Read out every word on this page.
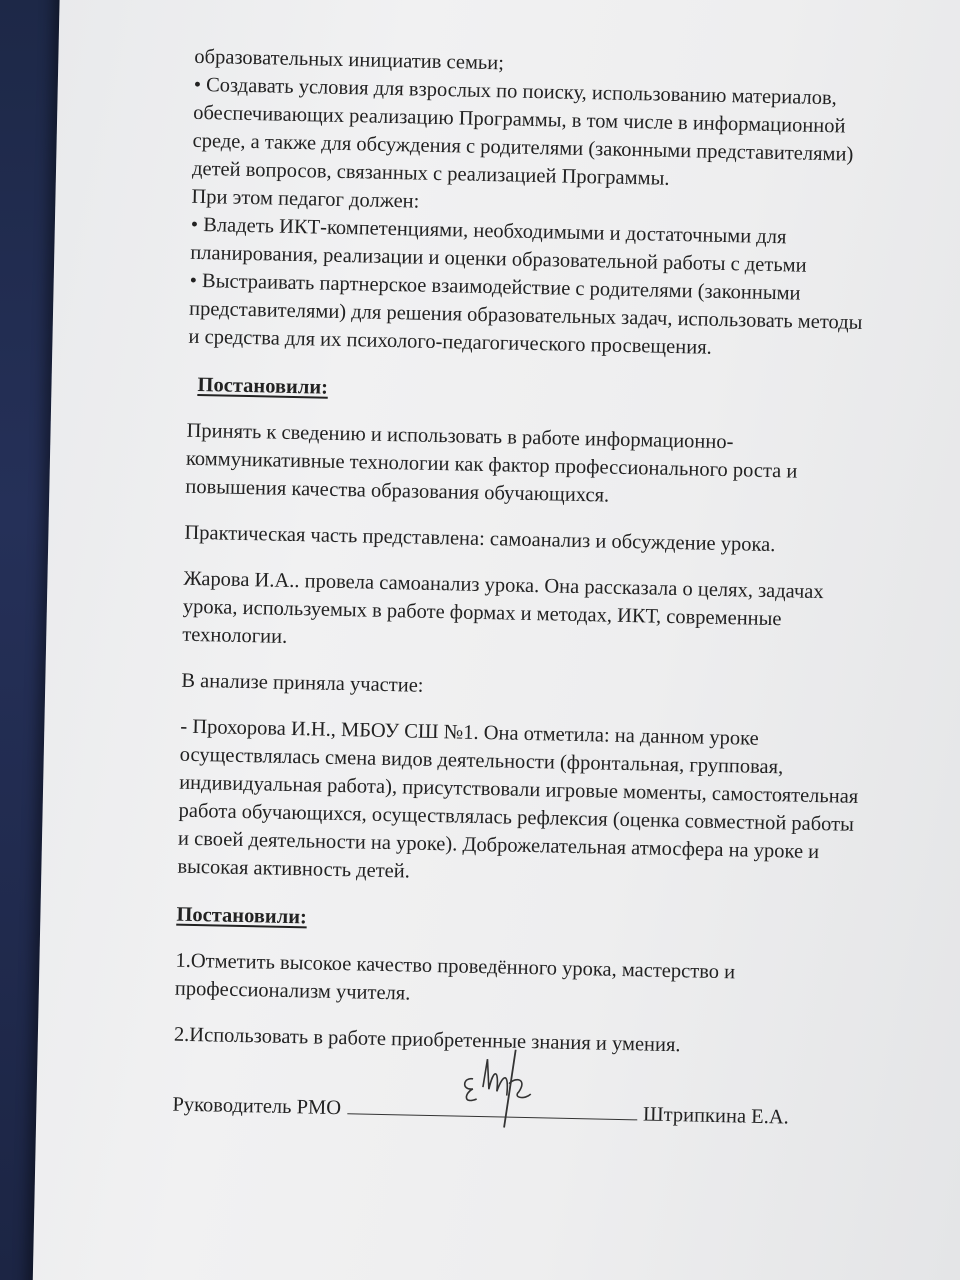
образовательных инициатив семьи;
• Создавать условия для взрослых по поиску, использованию материалов,
обеспечивающих реализацию Программы, в том числе в информационной
среде, а также для обсуждения с родителями (законными представителями)
детей вопросов, связанных с реализацией Программы.
При этом педагог должен:
• Владеть ИКТ-компетенциями, необходимыми и достаточными для
планирования, реализации и оценки образовательной работы с детьми
• Выстраивать партнерское взаимодействие с родителями (законными
представителями) для решения образовательных задач, использовать методы
и средства для их психолого-педагогического просвещения.
Постановили:
Принять к сведению и использовать в работе информационно-
коммуникативные технологии как фактор профессионального роста и
повышения качества образования обучающихся.
Практическая часть представлена: самоанализ и обсуждение урока.
Жарова И.А.. провела самоанализ урока. Она рассказала о целях, задачах
урока, используемых в работе формах и методах, ИКТ, современные
технологии.
В анализе приняла участие:
- Прохорова И.Н., МБОУ СШ №1. Она отметила: на данном уроке
осуществлялась смена видов деятельности (фронтальная, групповая,
индивидуальная работа), присутствовали игровые моменты, самостоятельная
работа обучающихся, осуществлялась рефлексия (оценка совместной работы
и своей деятельности на уроке). Доброжелательная атмосфера на уроке и
высокая активность детей.
Постановили:
1.Отметить высокое качество проведённого урока, мастерство и
профессионализм учителя.
2.Использовать в работе приобретенные знания и умения.
Руководитель РМО	Штрипкина Е.А.
